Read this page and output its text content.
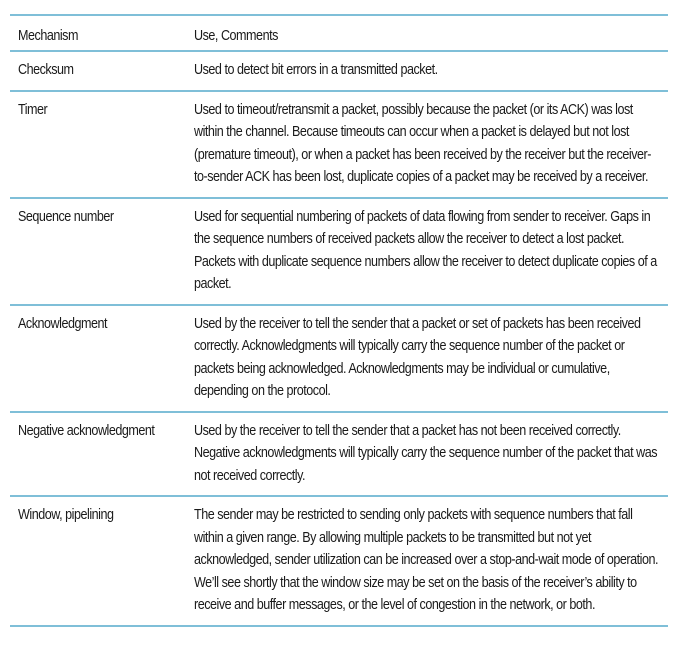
Mechanism	Use, Comments
Checksum	Used to detect bit errors in a transmitted packet.
Timer	Used to timeout/retransmit a packet, possibly because the packet (or its ACK) was lost within the channel. Because timeouts can occur when a packet is delayed but not lost (premature timeout), or when a packet has been received by the receiver but the receiver-to-sender ACK has been lost, duplicate copies of a packet may be received by a receiver.
Sequence number	Used for sequential numbering of packets of data flowing from sender to receiver. Gaps in the sequence numbers of received packets allow the receiver to detect a lost packet. Packets with duplicate sequence numbers allow the receiver to detect duplicate copies of a packet.
Acknowledgment	Used by the receiver to tell the sender that a packet or set of packets has been received correctly. Acknowledgments will typically carry the sequence number of the packet or packets being acknowledged. Acknowledgments may be individual or cumulative, depending on the protocol.
Negative acknowledgment	Used by the receiver to tell the sender that a packet has not been received correctly. Negative acknowledgments will typically carry the sequence number of the packet that was not received correctly.
Window, pipelining	The sender may be restricted to sending only packets with sequence numbers that fall within a given range. By allowing multiple packets to be transmitted but not yet acknowledged, sender utilization can be increased over a stop-and-wait mode of operation. We’ll see shortly that the window size may be set on the basis of the receiver’s ability to receive and buffer messages, or the level of congestion in the network, or both.
